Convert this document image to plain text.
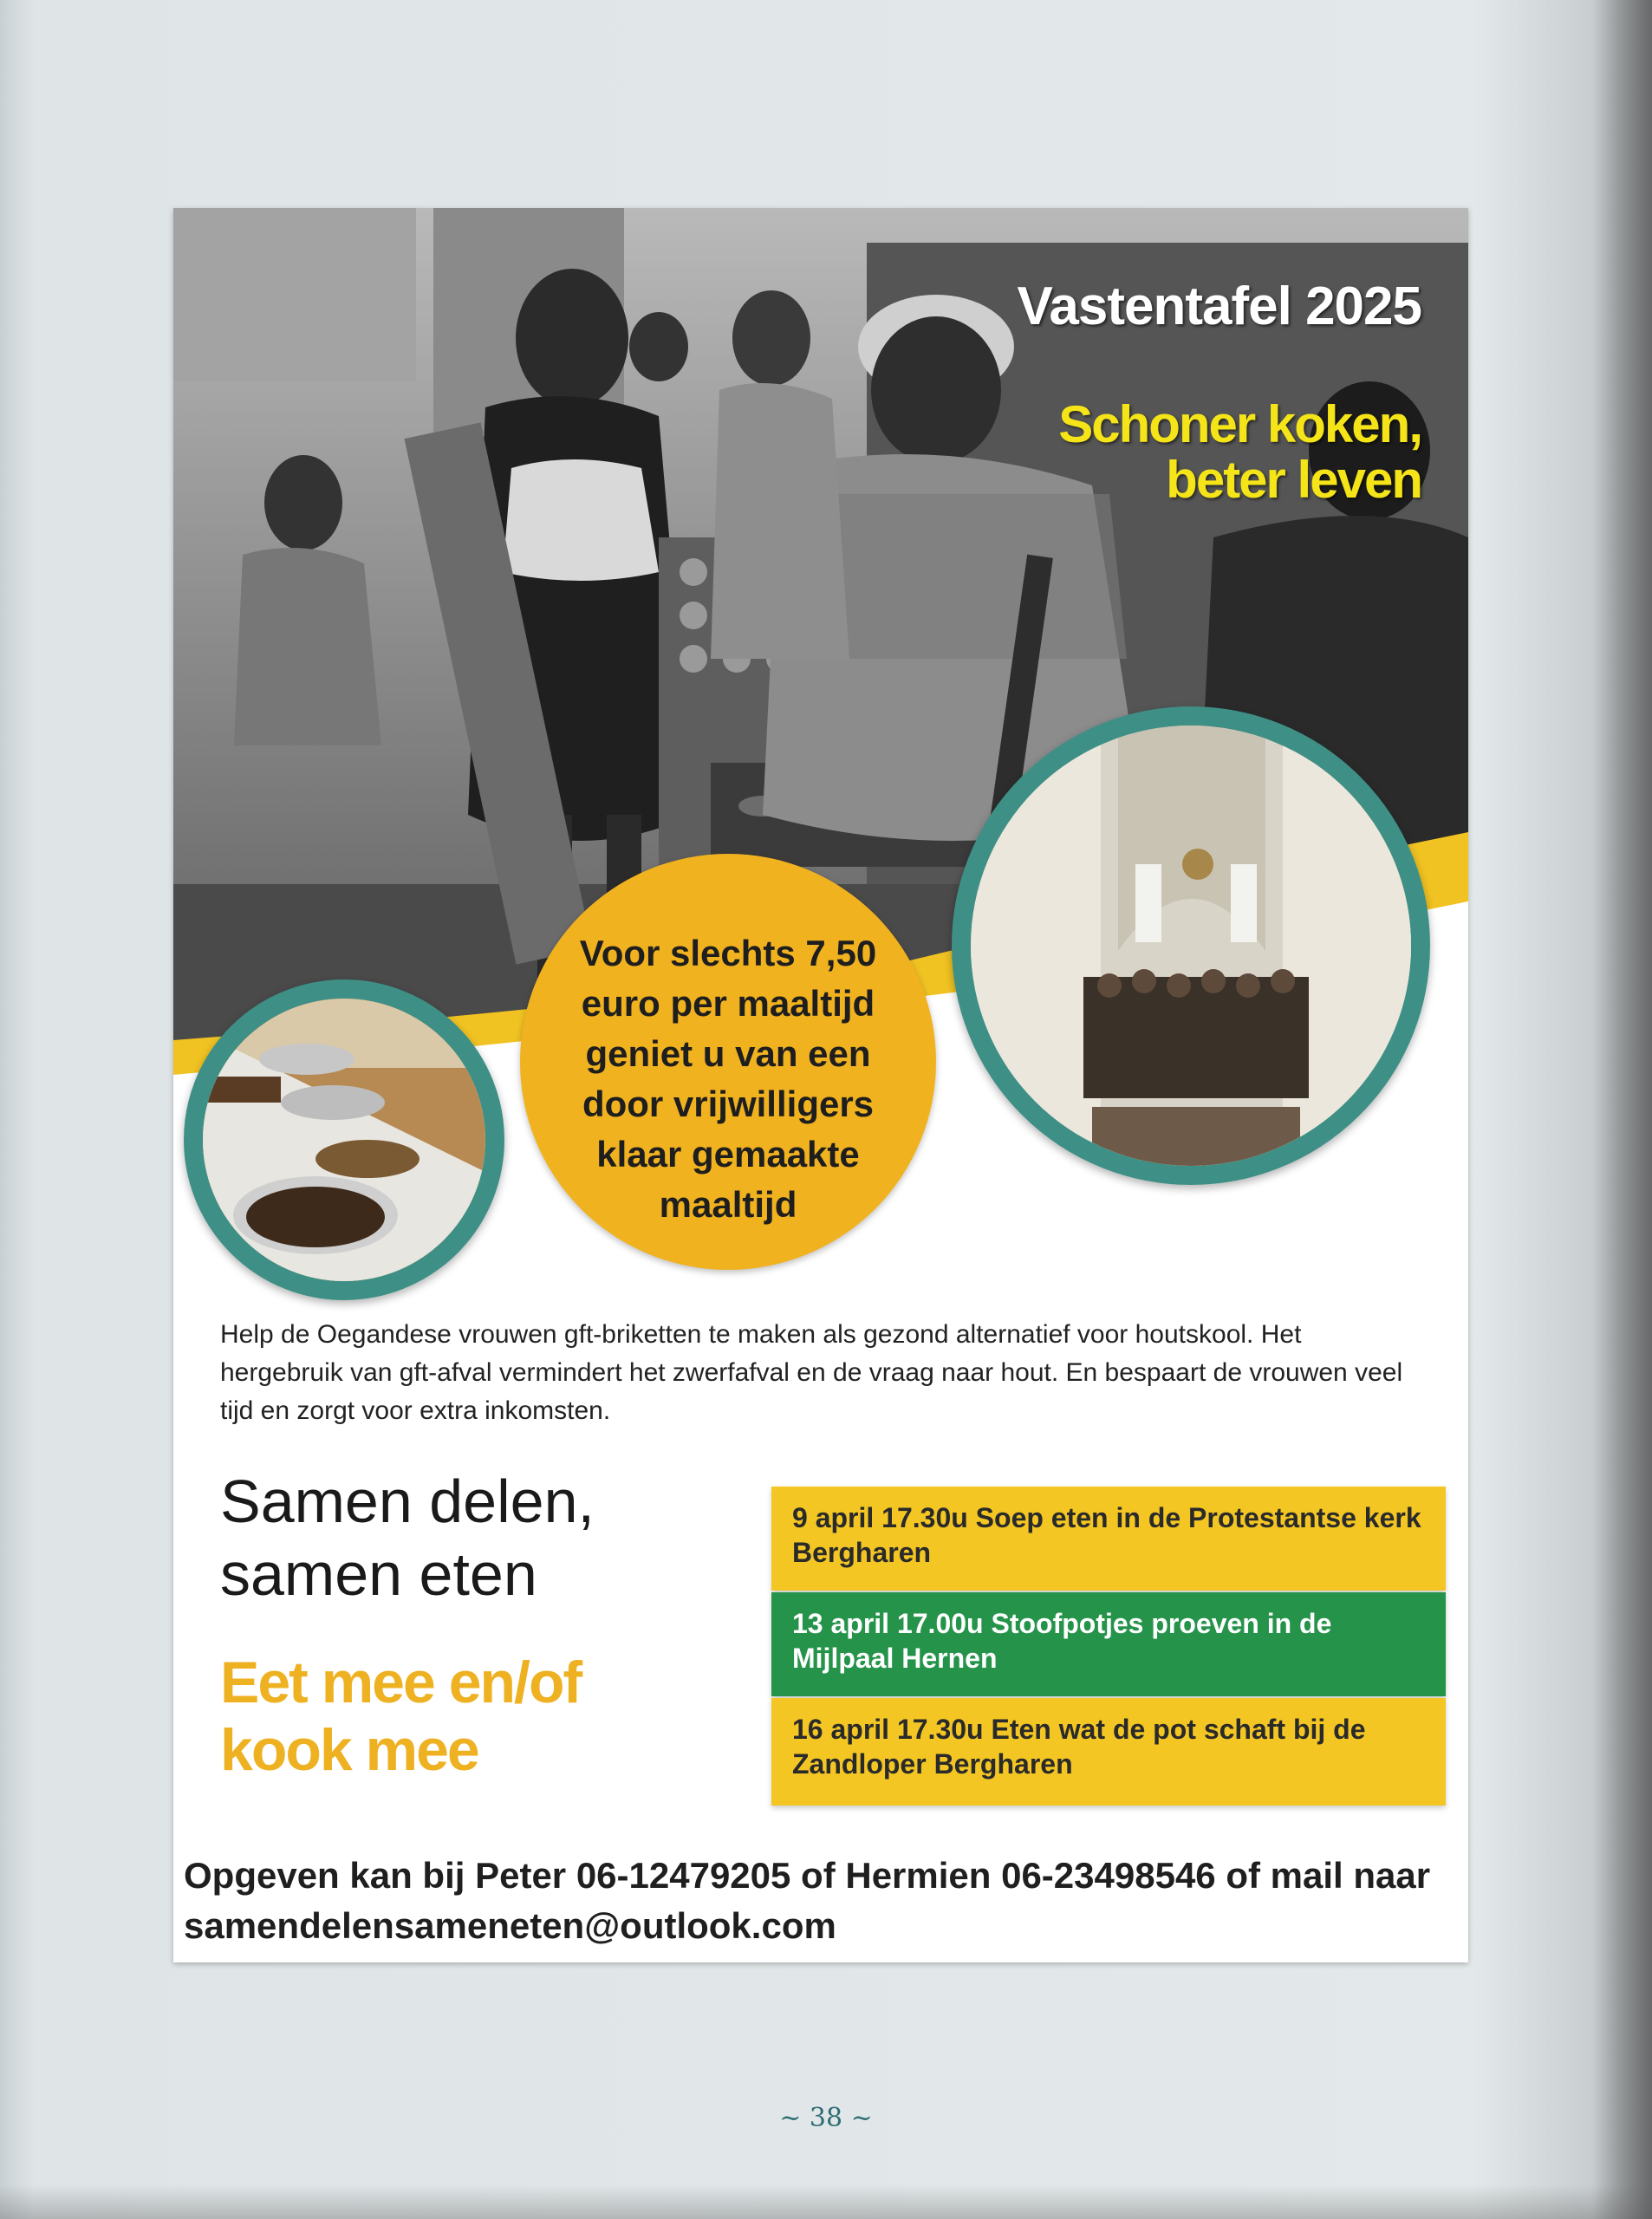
Vastentafel 2025
Schoner koken,
beter leven
Voor slechts 7,50 euro per maaltijd geniet u van een door vrijwilligers klaar gemaakte maaltijd

Help de Oegandese vrouwen gft-briketten te maken als gezond alternatief voor houtskool. Het hergebruik van gft-afval vermindert het zwerfafval en de vraag naar hout. En bespaart de vrouwen veel tijd en zorgt voor extra inkomsten.

Samen delen,
samen eten
Eet mee en/of
kook mee
9 april 17.30u Soep eten in de Protestantse kerk Bergharen
13 april 17.00u Stoofpotjes proeven in de Mijlpaal Hernen
16 april 17.30u Eten wat de pot schaft bij de Zandloper Bergharen

Opgeven kan bij Peter 06-12479205 of Hermien 06-23498546 of mail naar samendelensameneten@outlook.com

~ 38 ~
